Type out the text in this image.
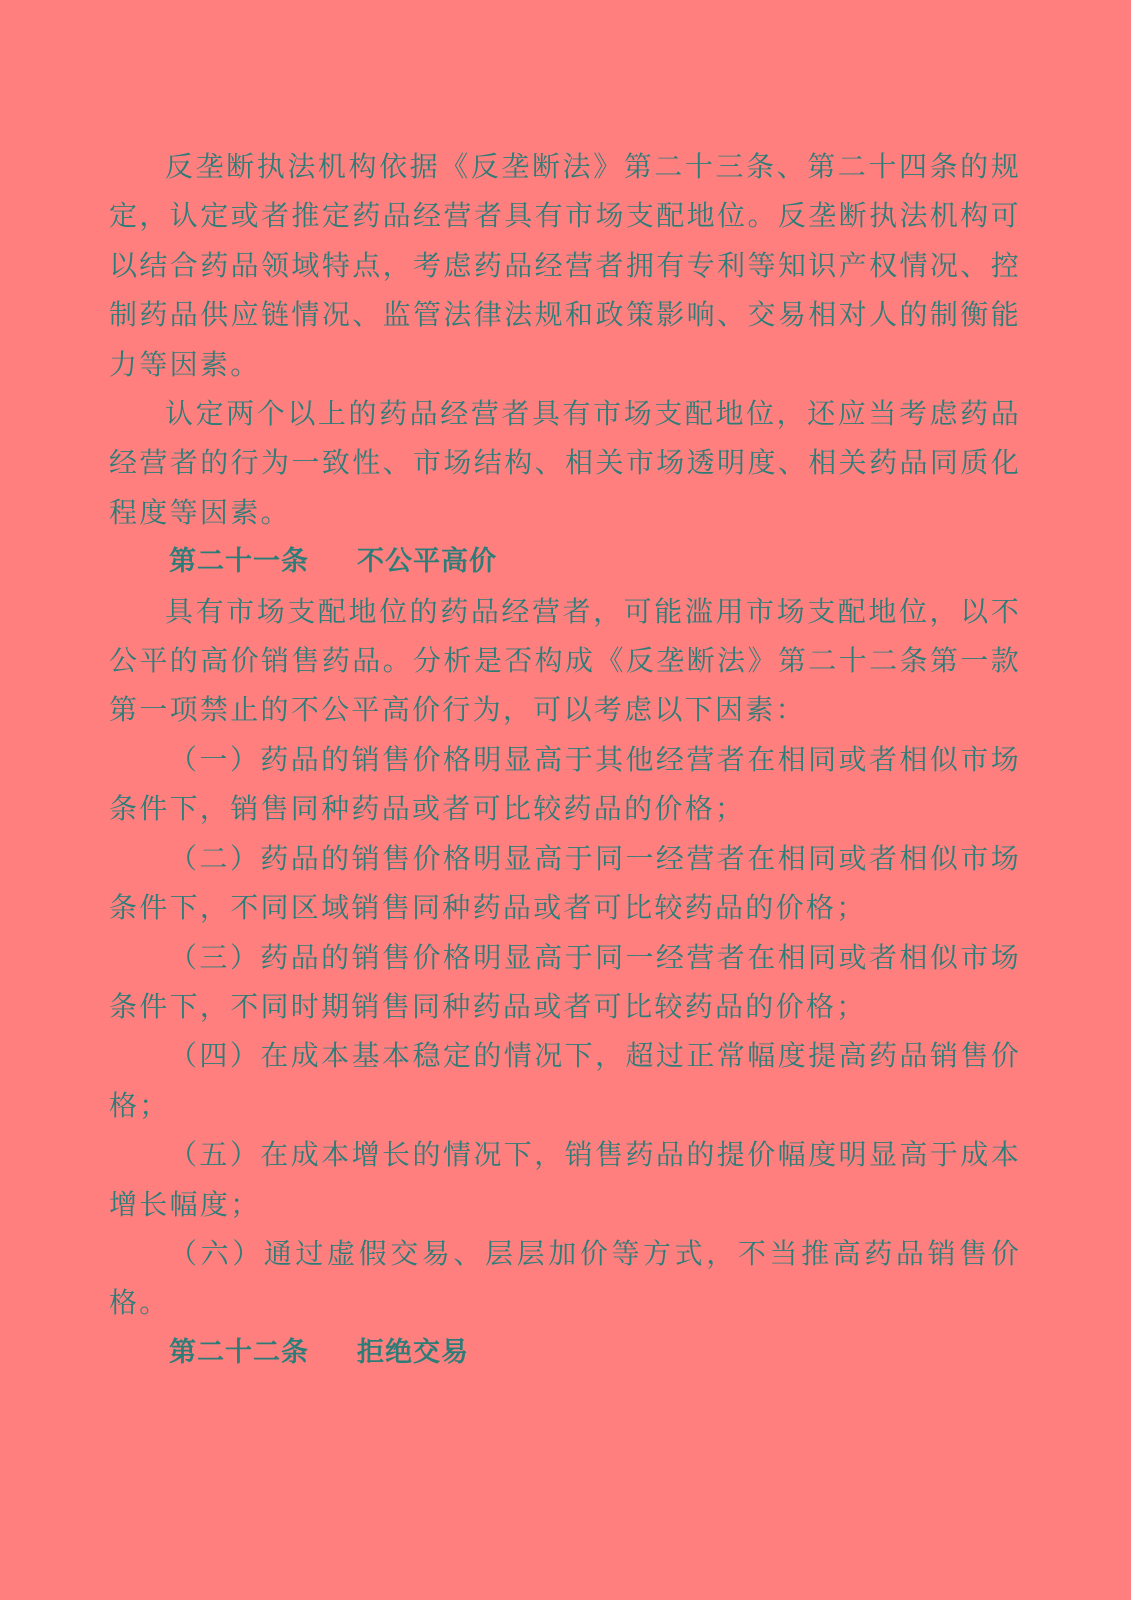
反垄断执法机构依据《反垄断法》第二十三条、第二十四条的规定，认定或者推定药品经营者具有市场支配地位。反垄断执法机构可以结合药品领域特点，考虑药品经营者拥有专利等知识产权情况、控制药品供应链情况、监管法律法规和政策影响、交易相对人的制衡能力等因素。

认定两个以上的药品经营者具有市场支配地位，还应当考虑药品经营者的行为一致性、市场结构、相关市场透明度、相关药品同质化程度等因素。

第二十一条 不公平高价

具有市场支配地位的药品经营者，可能滥用市场支配地位，以不公平的高价销售药品。分析是否构成《反垄断法》第二十二条第一款第一项禁止的不公平高价行为，可以考虑以下因素：

（一）药品的销售价格明显高于其他经营者在相同或者相似市场条件下，销售同种药品或者可比较药品的价格；

（二）药品的销售价格明显高于同一经营者在相同或者相似市场条件下，不同区域销售同种药品或者可比较药品的价格；

（三）药品的销售价格明显高于同一经营者在相同或者相似市场条件下，不同时期销售同种药品或者可比较药品的价格；

（四）在成本基本稳定的情况下，超过正常幅度提高药品销售价格；

（五）在成本增长的情况下，销售药品的提价幅度明显高于成本增长幅度；

（六）通过虚假交易、层层加价等方式，不当推高药品销售价格。

第二十二条 拒绝交易
